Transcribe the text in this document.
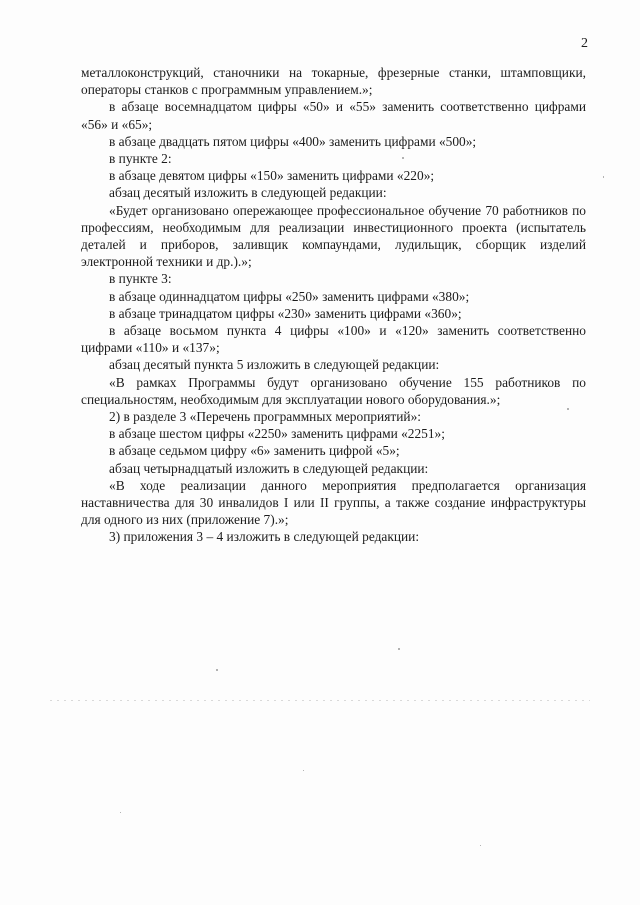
2

металлоконструкций, станочники на токарные, фрезерные станки, штамповщики, операторы станков с программным управлением.»;

в абзаце восемнадцатом цифры «50» и «55» заменить соответственно цифрами «56» и «65»;

в абзаце двадцать пятом цифры «400» заменить цифрами «500»;

в пункте 2:

в абзаце девятом цифры «150» заменить цифрами «220»;

абзац десятый изложить в следующей редакции:

«Будет организовано опережающее профессиональное обучение 70 работников по профессиям, необходимым для реализации инвестиционного проекта (испытатель деталей и приборов, заливщик компаундами, лудильщик, сборщик изделий электронной техники и др.).»;

в пункте 3:

в абзаце одиннадцатом цифры «250» заменить цифрами «380»;

в абзаце тринадцатом цифры «230» заменить цифрами «360»;

в абзаце восьмом пункта 4 цифры «100» и «120» заменить соответственно цифрами «110» и «137»;

абзац десятый пункта 5 изложить в следующей редакции:

«В рамках Программы будут организовано обучение 155 работников по специальностям, необходимым для эксплуатации нового оборудования.»;

2) в разделе 3 «Перечень программных мероприятий»:

в абзаце шестом цифры «2250» заменить цифрами «2251»;

в абзаце седьмом цифру «6» заменить цифрой «5»;

абзац четырнадцатый изложить в следующей редакции:

«В ходе реализации данного мероприятия предполагается организация наставничества для 30 инвалидов I или II группы, а также создание инфраструктуры для одного из них (приложение 7).»;

3) приложения 3 – 4 изложить в следующей редакции:
